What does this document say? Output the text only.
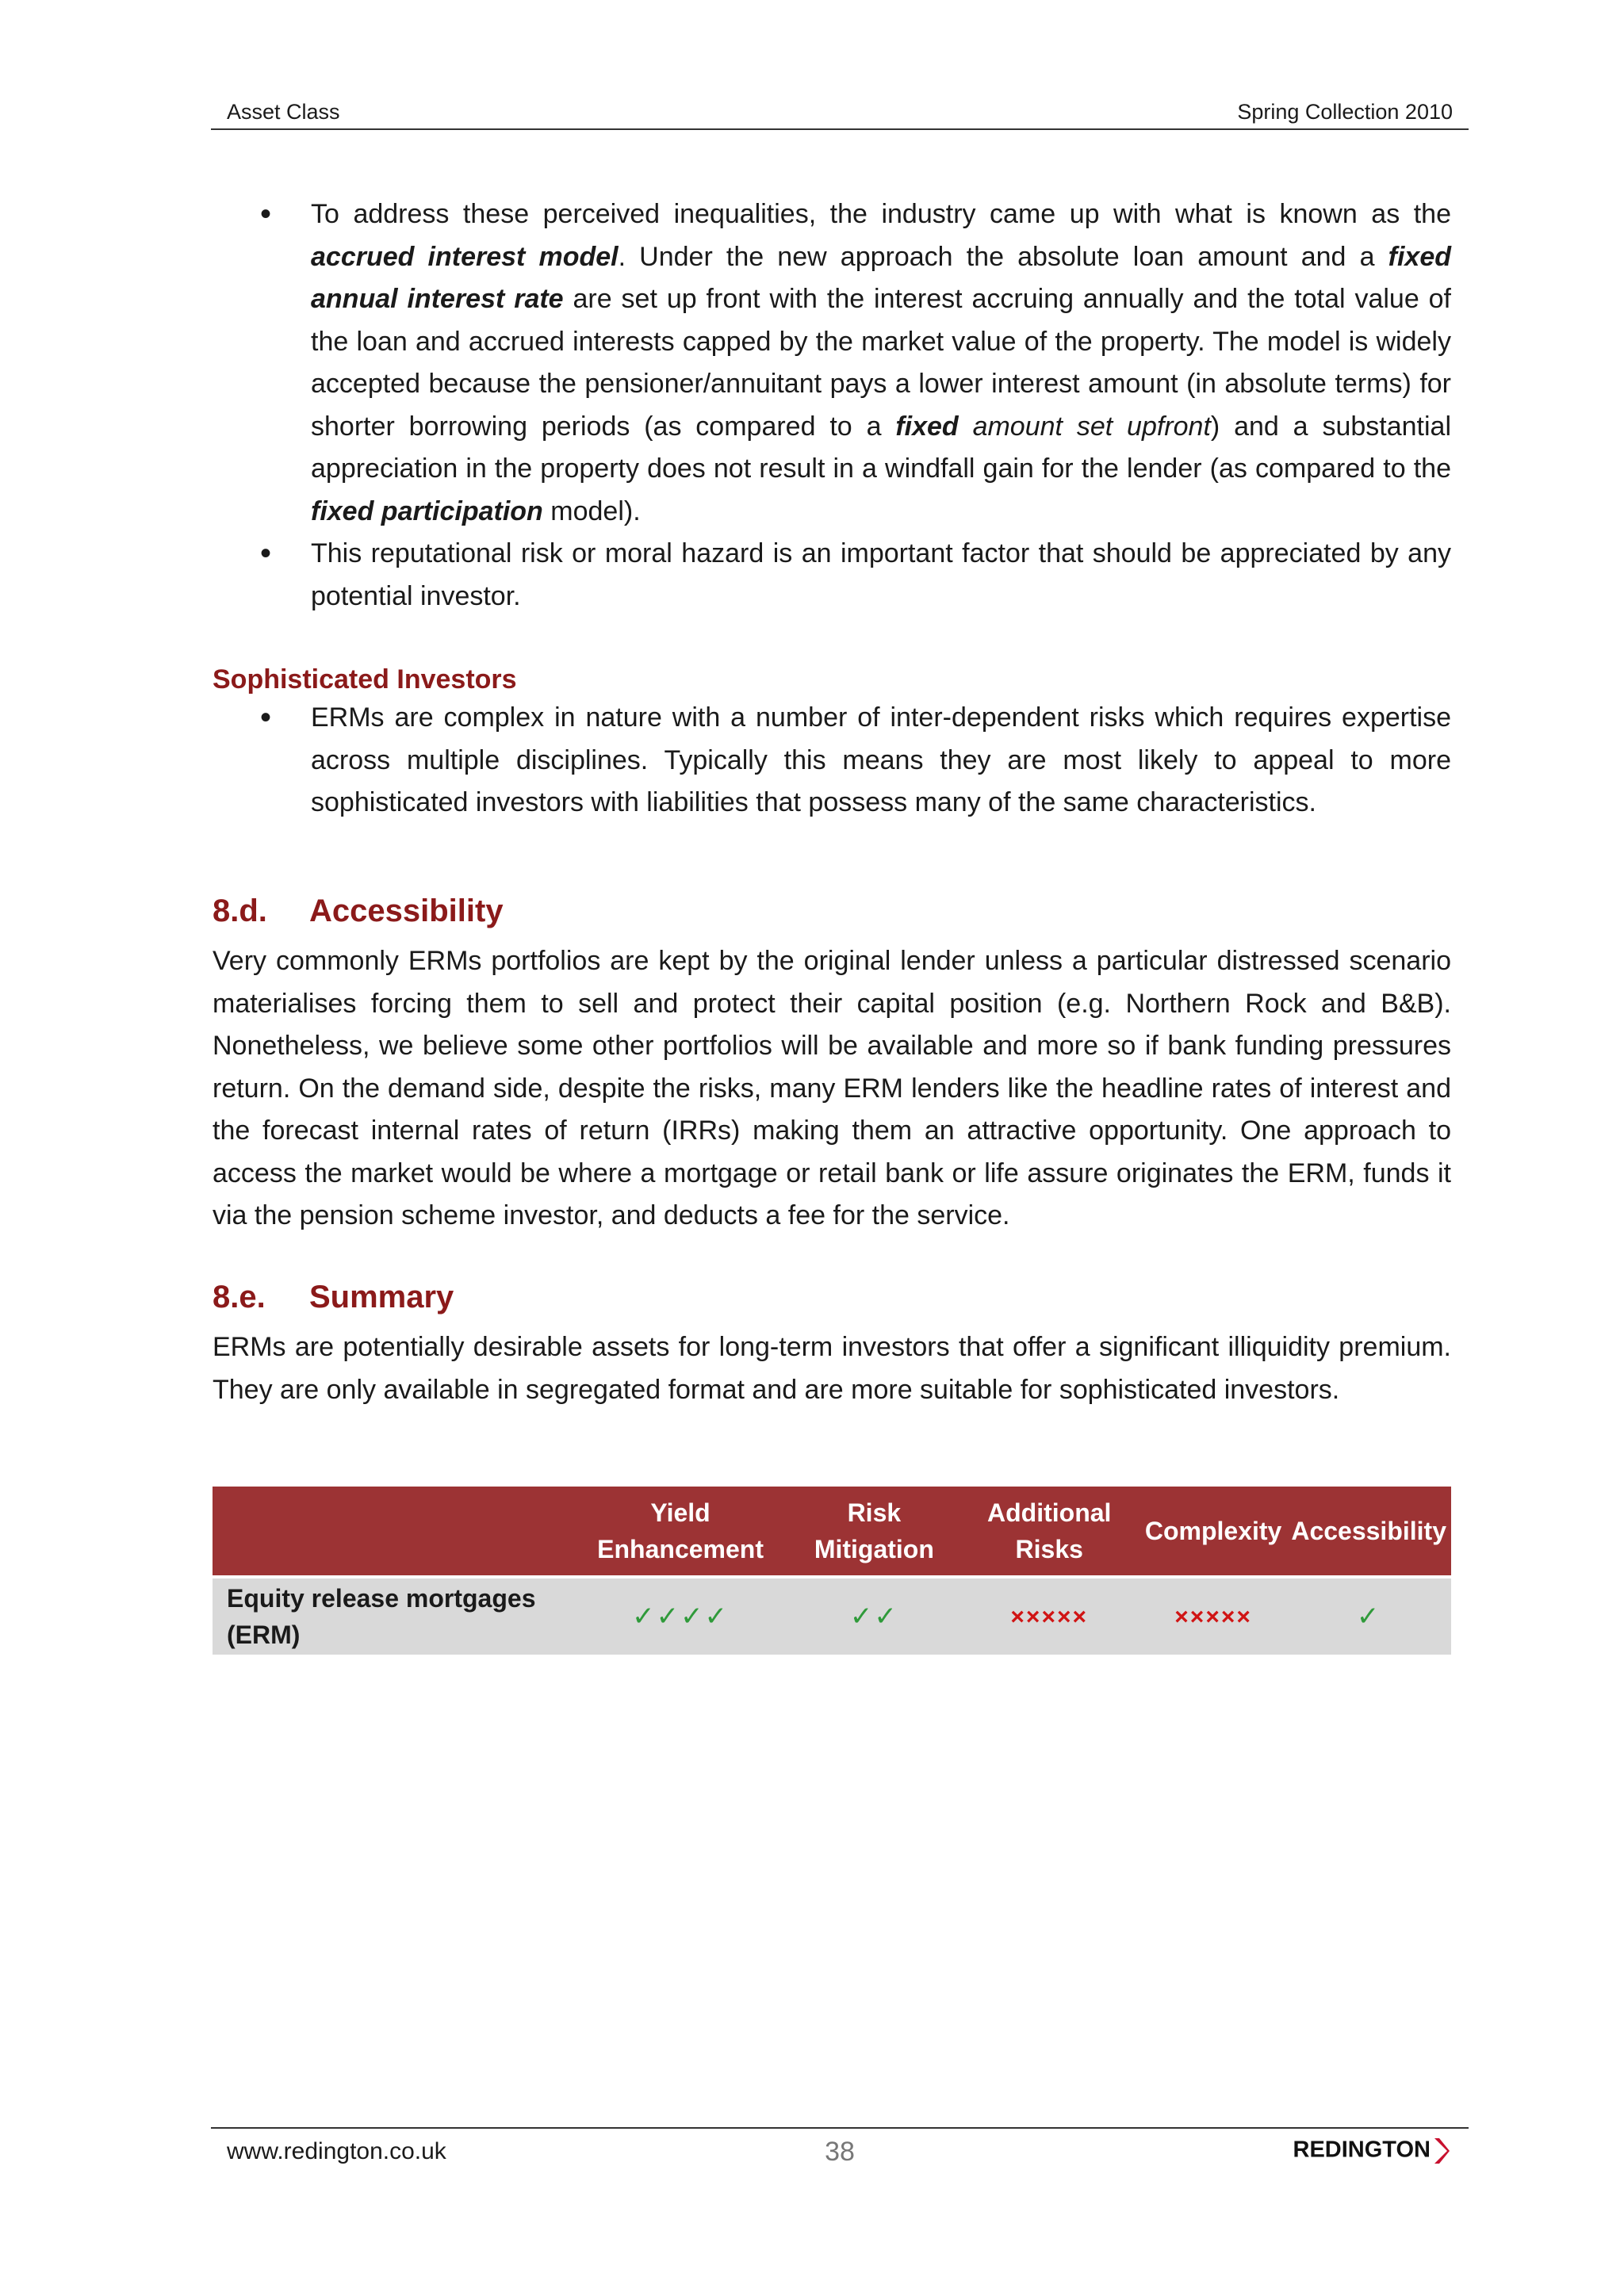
Asset Class	Spring Collection 2010
• To address these perceived inequalities, the industry came up with what is known as the accrued interest model. Under the new approach the absolute loan amount and a fixed annual interest rate are set up front with the interest accruing annually and the total value of the loan and accrued interests capped by the market value of the property. The model is widely accepted because the pensioner/annuitant pays a lower interest amount (in absolute terms) for shorter borrowing periods (as compared to a fixed amount set upfront) and a substantial appreciation in the property does not result in a windfall gain for the lender (as compared to the fixed participation model).
• This reputational risk or moral hazard is an important factor that should be appreciated by any potential investor.
Sophisticated Investors
• ERMs are complex in nature with a number of inter-dependent risks which requires expertise across multiple disciplines. Typically this means they are most likely to appeal to more sophisticated investors with liabilities that possess many of the same characteristics.
8.d. Accessibility

Very commonly ERMs portfolios are kept by the original lender unless a particular distressed scenario materialises forcing them to sell and protect their capital position (e.g. Northern Rock and B&B). Nonetheless, we believe some other portfolios will be available and more so if bank funding pressures return. On the demand side, despite the risks, many ERM lenders like the headline rates of interest and the forecast internal rates of return (IRRs) making them an attractive opportunity. One approach to access the market would be where a mortgage or retail bank or life assure originates the ERM, funds it via the pension scheme investor, and deducts a fee for the service.

8.e. Summary

ERMs are potentially desirable assets for long-term investors that offer a significant illiquidity premium. They are only available in segregated format and are more suitable for sophisticated investors.

	Yield Enhancement	Risk Mitigation	Additional Risks	Complexity	Accessibility
Equity release mortgages (ERM)	✓✓✓✓	✓✓	×××××	×××××	✓
www.redington.co.uk	38	REDINGTON
